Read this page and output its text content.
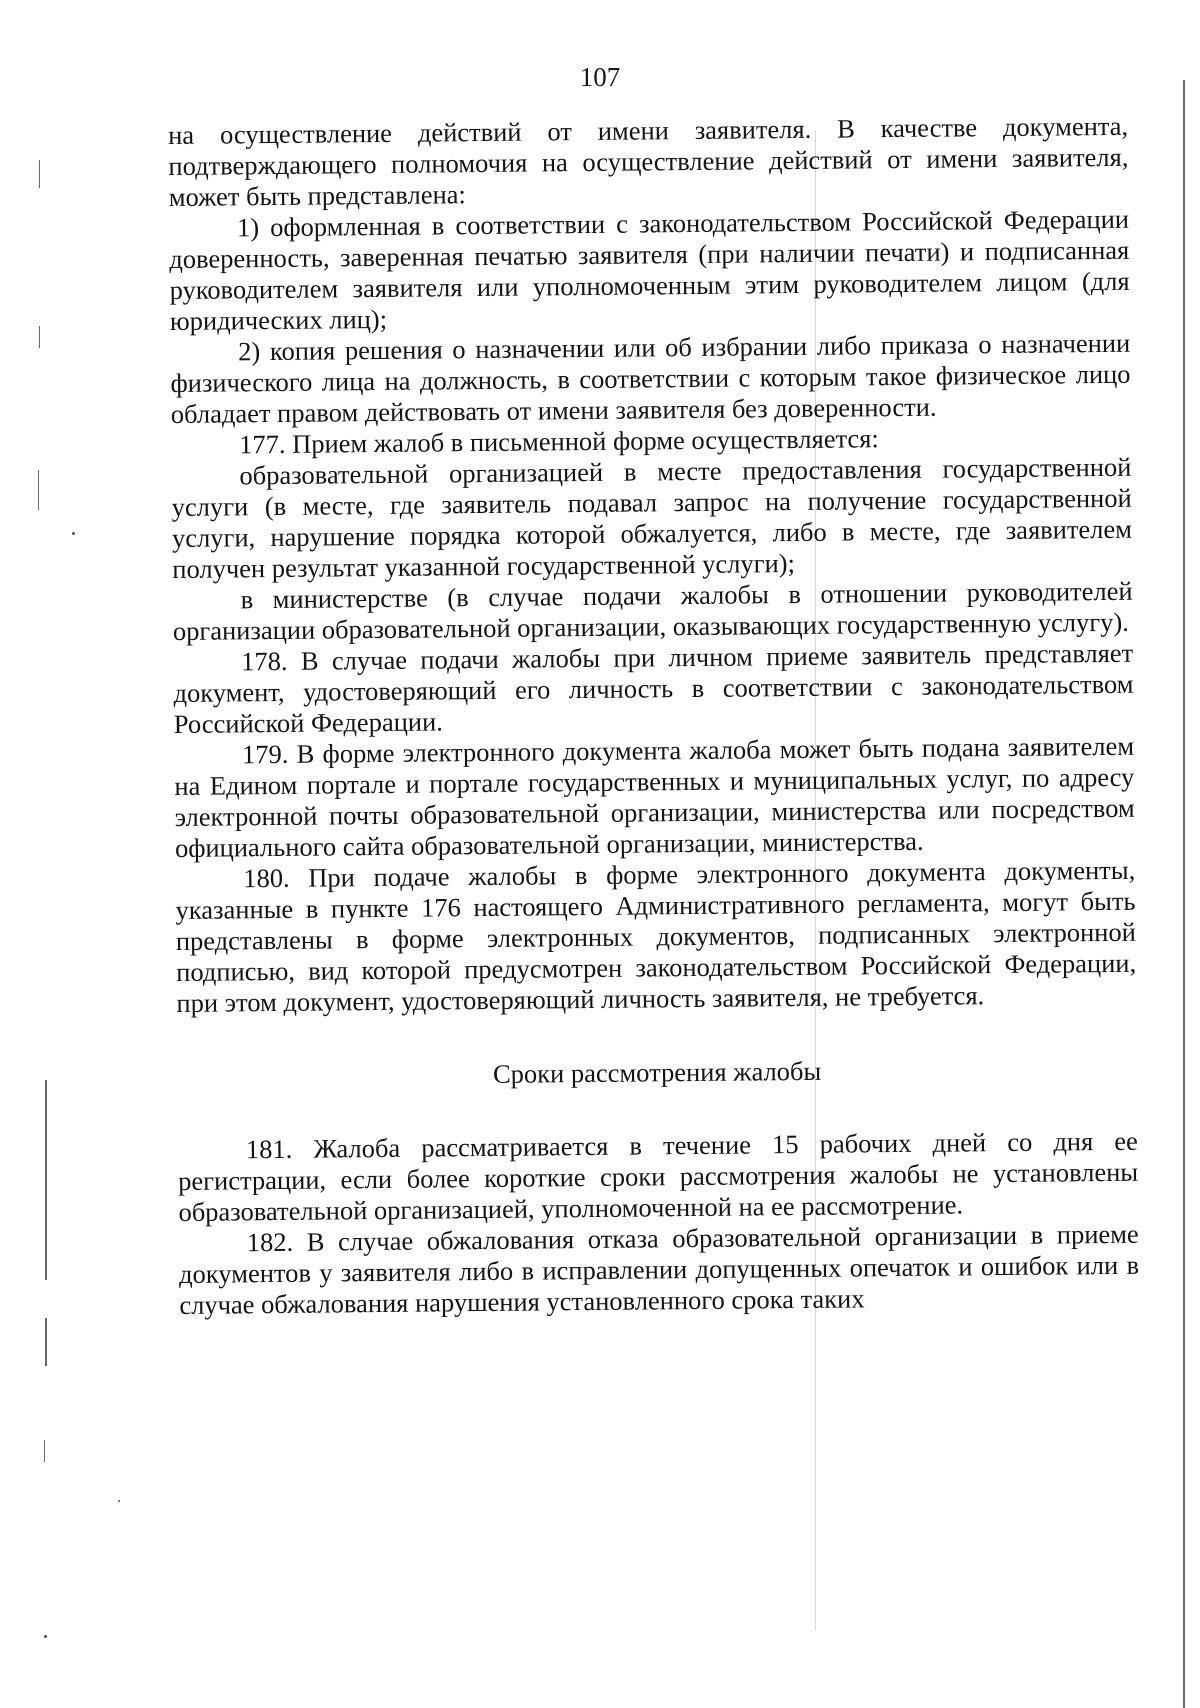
107

на осуществление действий от имени заявителя. В качестве документа, подтверждающего полномочия на осуществление действий от имени заявителя, может быть представлена:

1) оформленная в соответствии с законодательством Российской Федерации доверенность, заверенная печатью заявителя (при наличии печати) и подписанная руководителем заявителя или уполномоченным этим руководителем лицом (для юридических лиц);

2) копия решения о назначении или об избрании либо приказа о назначении физического лица на должность, в соответствии с которым такое физическое лицо обладает правом действовать от имени заявителя без доверенности.

177. Прием жалоб в письменной форме осуществляется:

образовательной организацией в месте предоставления государственной услуги (в месте, где заявитель подавал запрос на получение государственной услуги, нарушение порядка которой обжалуется, либо в месте, где заявителем получен результат указанной государственной услуги);

в министерстве (в случае подачи жалобы в отношении руководителей организации образовательной организации, оказывающих государственную услугу).

178. В случае подачи жалобы при личном приеме заявитель представляет документ, удостоверяющий его личность в соответствии с законодательством Российской Федерации.

179. В форме электронного документа жалоба может быть подана заявителем на Едином портале и портале государственных и муниципальных услуг, по адресу электронной почты образовательной организации, министерства или посредством официального сайта образовательной организации, министерства.

180. При подаче жалобы в форме электронного документа документы, указанные в пункте 176 настоящего Административного регламента, могут быть представлены в форме электронных документов, подписанных электронной подписью, вид которой предусмотрен законодательством Российской Федерации, при этом документ, удостоверяющий личность заявителя, не требуется.

Сроки рассмотрения жалобы

181. Жалоба рассматривается в течение 15 рабочих дней со дня ее регистрации, если более короткие сроки рассмотрения жалобы не установлены образовательной организацией, уполномоченной на ее рассмотрение.

182. В случае обжалования отказа образовательной организации в приеме документов у заявителя либо в исправлении допущенных опечаток и ошибок или в случае обжалования нарушения установленного срока таких
